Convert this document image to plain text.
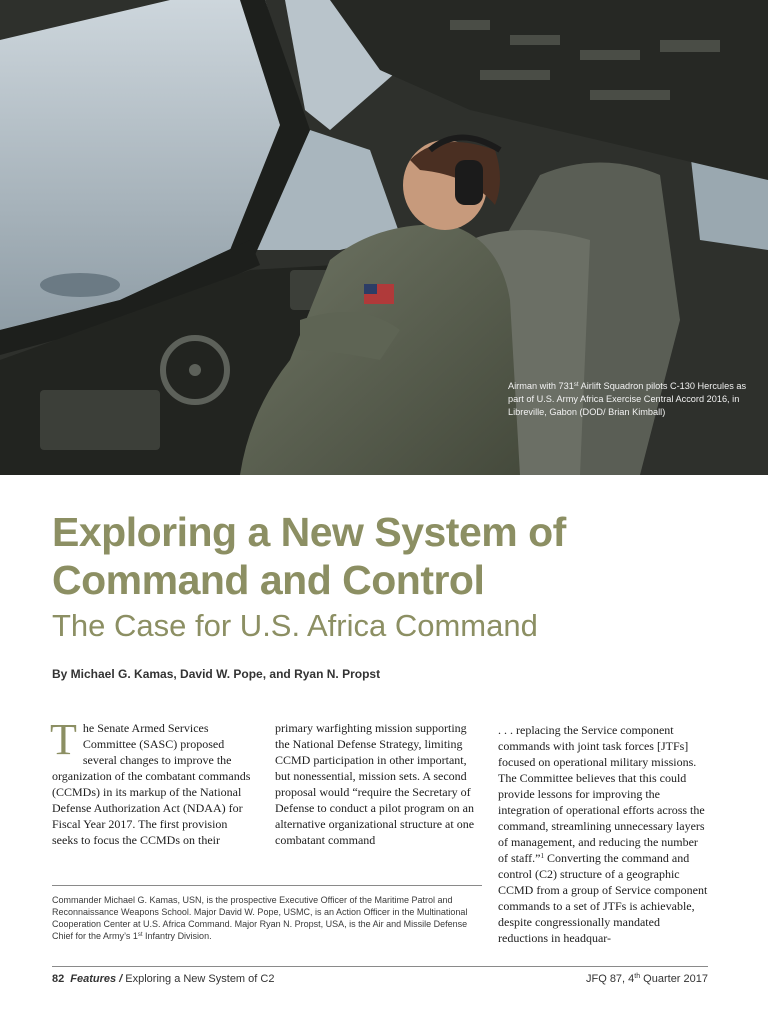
Airman with 731st Airlift Squadron pilots C-130 Hercules as part of U.S. Army Africa Exercise Central Accord 2016, in Libreville, Gabon (DOD/ Brian Kimball)
Exploring a New System of
Command and Control
The Case for U.S. Africa Command
By Michael G. Kamas, David W. Pope, and Ryan N. Propst

The Senate Armed Services Committee (SASC) proposed several changes to improve the organization of the combatant commands (CCMDs) in its markup of the National Defense Authorization Act (NDAA) for Fiscal Year 2017. The first provision seeks to focus the CCMDs on their

primary warfighting mission supporting the National Defense Strategy, limiting CCMD participation in other important, but nonessential, mission sets. A second proposal would “require the Secretary of Defense to conduct a pilot program on an alternative organizational structure at one combatant command

. . . replacing the Service component commands with joint task forces [JTFs] focused on operational military missions. The Committee believes that this could provide lessons for improving the integration of operational efforts across the command, streamlining unnecessary layers of management, and reducing the number of staff.”$^1$ Converting the command and control (C2) structure of a geographic CCMD from a group of Service component commands to a set of JTFs is achievable, despite congressionally mandated reductions in headquar-

Commander Michael G. Kamas, USN, is the prospective Executive Officer of the Maritime Patrol and Reconnaissance Weapons School. Major David W. Pope, USMC, is an Action Officer in the Multinational Cooperation Center at U.S. Africa Command. Major Ryan N. Propst, USA, is the Air and Missile Defense Chief for the Army’s 1st Infantry Division.

82 Features / Exploring a New System of C2	JFQ 87, 4th Quarter 2017
